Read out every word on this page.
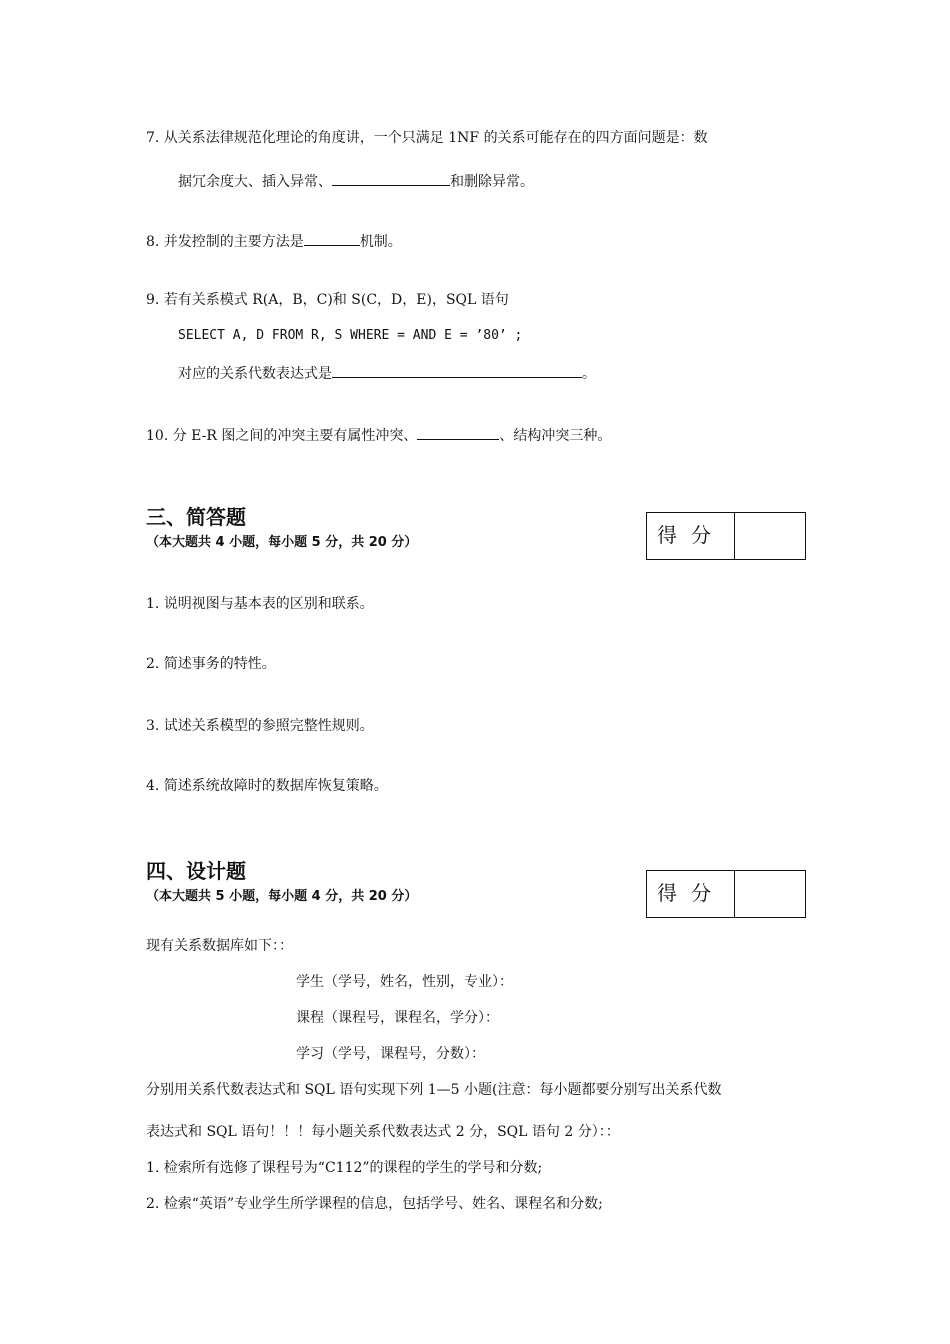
7. 从关系法律规范化理论的角度讲，一个只满足 1NF 的关系可能存在的四方面问题是：数
据冗余度大、插入异常、	和删除异常。
8. 并发控制的主要方法是	机制。
9. 若有关系模式 R(A，B，C)和 S(C，D，E)，SQL 语句
SELECT A, D FROM R, S WHERE = AND E = ’80’ ;
对应的关系代数表达式是	。
10. 分 E-R 图之间的冲突主要有属性冲突、	、结构冲突三种。
三、简答题
（本大题共 4 小题，每小题 5 分，共 20 分）	得分
1. 说明视图与基本表的区别和联系。
2. 简述事务的特性。
3. 试述关系模型的参照完整性规则。
4. 简述系统故障时的数据库恢复策略。
四、设计题
（本大题共 5 小题，每小题 4 分，共 20 分）	得分
现有关系数据库如下：：
学生（学号，姓名，性别，专业）：
课程（课程号，课程名，学分）：
学习（学号，课程号，分数）：
分别用关系代数表达式和 SQL 语句实现下列 1—5 小题(注意：每小题都要分别写出关系代数
表达式和 SQL 语句！！！每小题关系代数表达式 2 分，SQL 语句 2 分）：：
1. 检索所有选修了课程号为“C112”的课程的学生的学号和分数;
2. 检索“英语”专业学生所学课程的信息，包括学号、姓名、课程名和分数;
